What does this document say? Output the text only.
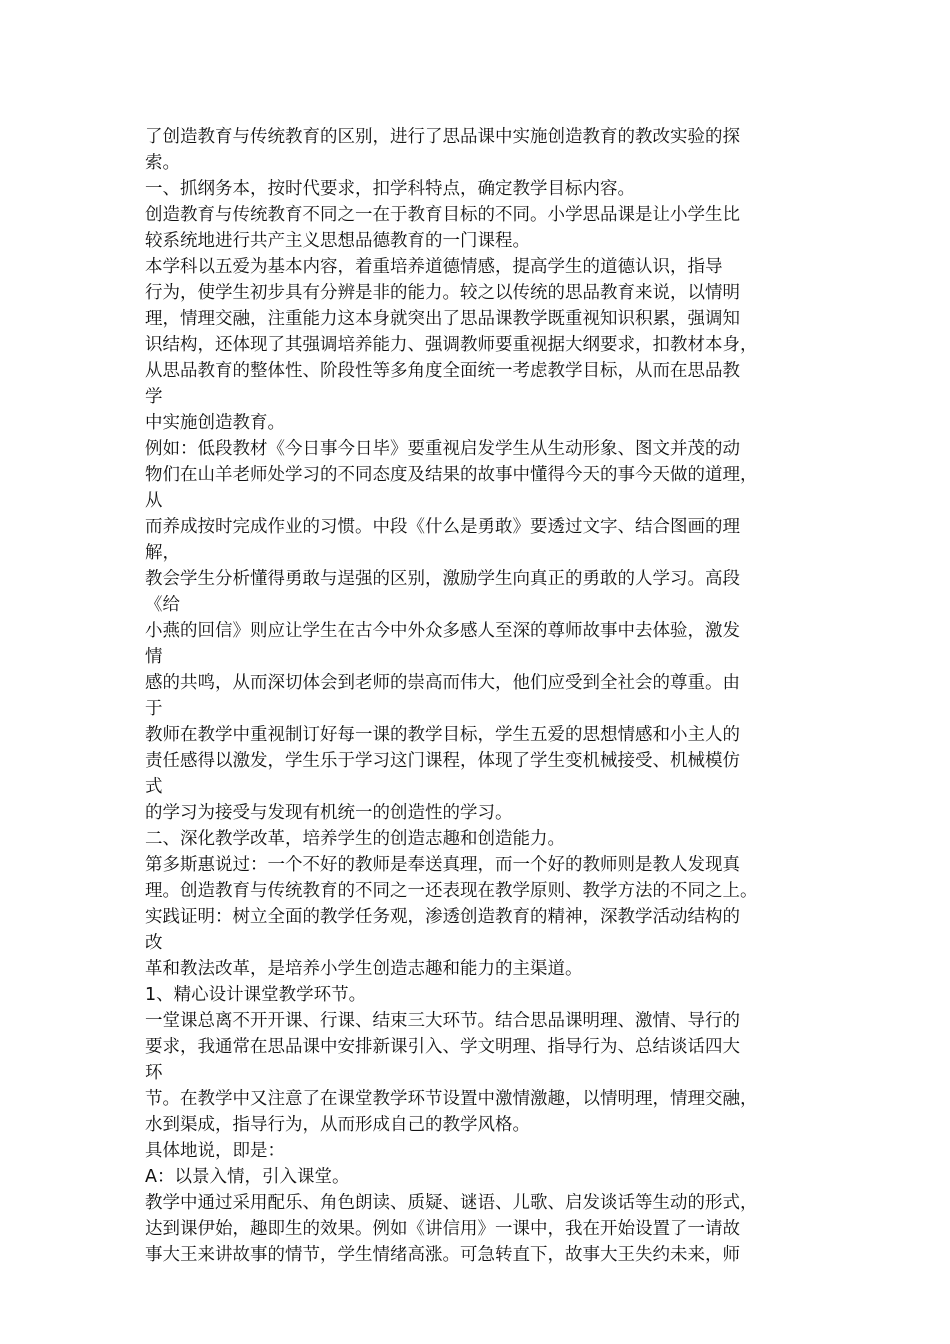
了创造教育与传统教育的区别，进行了思品课中实施创造教育的教改实验的探
索。
一、抓纲务本，按时代要求，扣学科特点，确定教学目标内容。
创造教育与传统教育不同之一在于教育目标的不同。小学思品课是让小学生比
较系统地进行共产主义思想品德教育的一门课程。
本学科以五爱为基本内容，着重培养道德情感，提高学生的道德认识，指导
行为，使学生初步具有分辨是非的能力。较之以传统的思品教育来说，以情明
理，情理交融，注重能力这本身就突出了思品课教学既重视知识积累，强调知
识结构，还体现了其强调培养能力、强调教师要重视据大纲要求，扣教材本身，
从思品教育的整体性、阶段性等多角度全面统一考虑教学目标，从而在思品教
学
中实施创造教育。
例如：低段教材《今日事今日毕》要重视启发学生从生动形象、图文并茂的动
物们在山羊老师处学习的不同态度及结果的故事中懂得今天的事今天做的道理，
从
而养成按时完成作业的习惯。中段《什么是勇敢》要透过文字、结合图画的理
解，
教会学生分析懂得勇敢与逞强的区别，激励学生向真正的勇敢的人学习。高段
《给
小燕的回信》则应让学生在古今中外众多感人至深的尊师故事中去体验，激发
情
感的共鸣，从而深切体会到老师的崇高而伟大，他们应受到全社会的尊重。由
于
教师在教学中重视制订好每一课的教学目标，学生五爱的思想情感和小主人的
责任感得以激发，学生乐于学习这门课程，体现了学生变机械接受、机械模仿
式
的学习为接受与发现有机统一的创造性的学习。
二、深化教学改革，培养学生的创造志趣和创造能力。
第多斯惠说过：一个不好的教师是奉送真理，而一个好的教师则是教人发现真
理。创造教育与传统教育的不同之一还表现在教学原则、教学方法的不同之上。
实践证明：树立全面的教学任务观，渗透创造教育的精神，深教学活动结构的
改
革和教法改革，是培养小学生创造志趣和能力的主渠道。
1、精心设计课堂教学环节。
一堂课总离不开开课、行课、结束三大环节。结合思品课明理、激情、导行的
要求，我通常在思品课中安排新课引入、学文明理、指导行为、总结谈话四大
环
节。在教学中又注意了在课堂教学环节设置中激情激趣，以情明理，情理交融，
水到渠成，指导行为，从而形成自己的教学风格。
具体地说，即是：
A：以景入情，引入课堂。
教学中通过采用配乐、角色朗读、质疑、谜语、儿歌、启发谈话等生动的形式，
达到课伊始，趣即生的效果。例如《讲信用》一课中，我在开始设置了一请故
事大王来讲故事的情节，学生情绪高涨。可急转直下，故事大王失约未来，师
